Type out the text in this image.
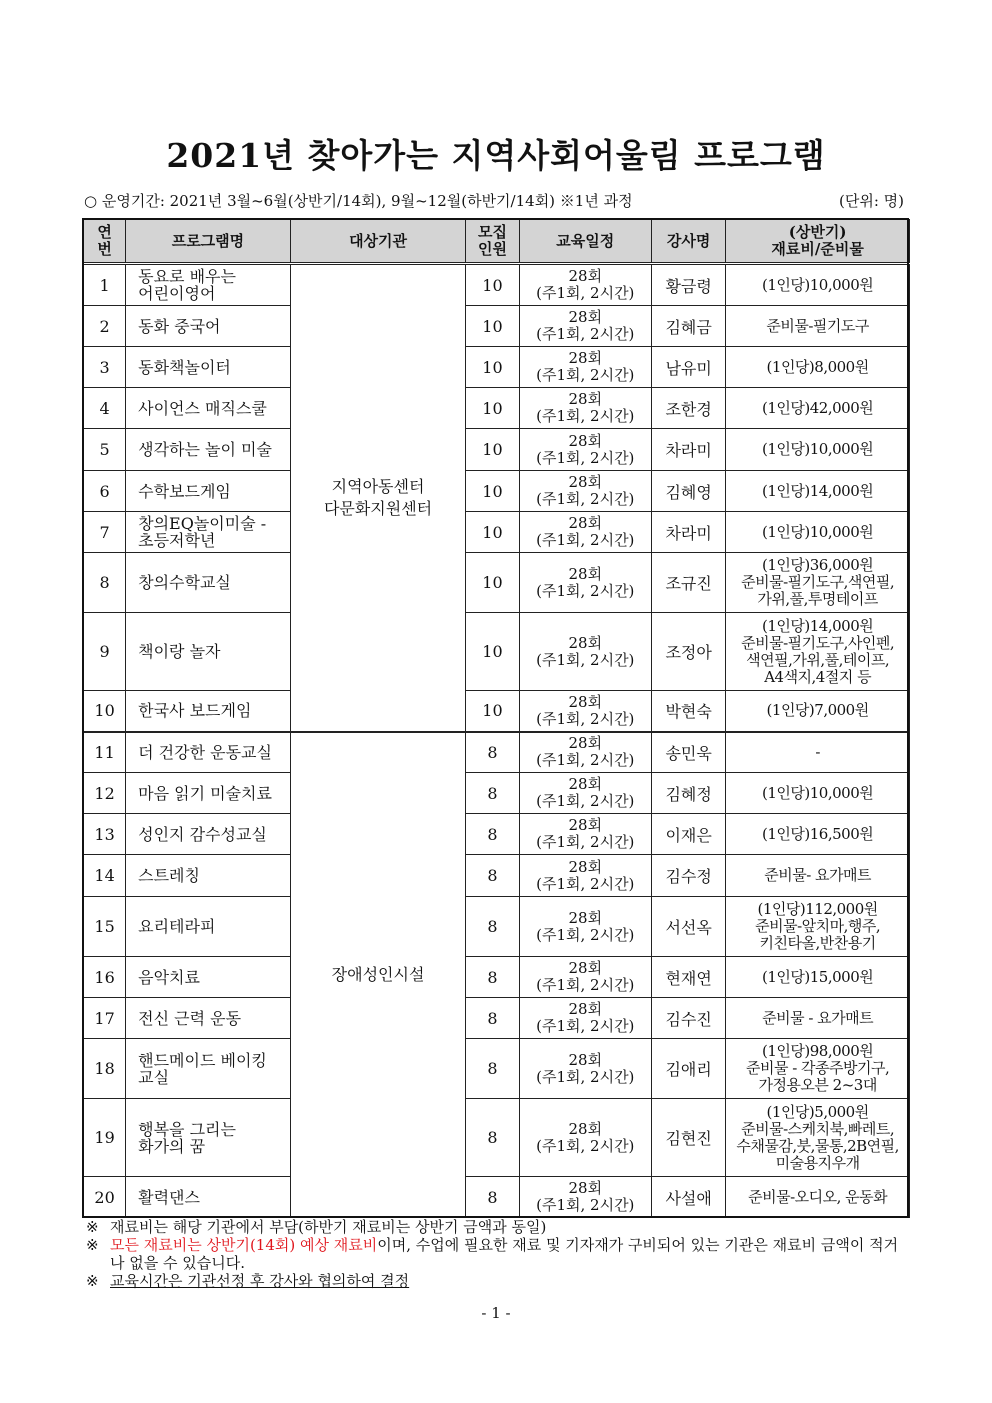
2021년 찾아가는 지역사회어울림 프로그램
○ 운영기간: 2021년 3월~6월(상반기/14회), 9월~12월(하반기/14회) ※1년 과정	(단위: 명)
연
번	프로그램명	대상기관	모집
인원	교육일정	강사명	(상반기)
재료비/준비물
1	동요로 배우는
어린이영어	지역아동센터
다문화지원센터	10	28회
(주1회, 2시간)	황금령	(1인당)10,000원
2	동화 중국어		10	28회
(주1회, 2시간)	김혜금	준비물-필기도구
3	동화책놀이터		10	28회
(주1회, 2시간)	남유미	(1인당)8,000원
4	사이언스 매직스쿨		10	28회
(주1회, 2시간)	조한경	(1인당)42,000원
5	생각하는 놀이 미술		10	28회
(주1회, 2시간)	차라미	(1인당)10,000원
6	수학보드게임		10	28회
(주1회, 2시간)	김혜영	(1인당)14,000원
7	창의EQ놀이미술 -
초등저학년		10	28회
(주1회, 2시간)	차라미	(1인당)10,000원
8	창의수학교실		10	28회
(주1회, 2시간)	조규진	(1인당)36,000원
준비물-필기도구,색연필,
가위,풀,투명테이프
9	책이랑 놀자		10	28회
(주1회, 2시간)	조정아	(1인당)14,000원
준비물-필기도구,사인펜,
색연필,가위,풀,테이프,
A4색지,4절지 등
10	한국사 보드게임		10	28회
(주1회, 2시간)	박현숙	(1인당)7,000원
11	더 건강한 운동교실	장애성인시설	8	28회
(주1회, 2시간)	송민욱	-
12	마음 읽기 미술치료		8	28회
(주1회, 2시간)	김혜정	(1인당)10,000원
13	성인지 감수성교실		8	28회
(주1회, 2시간)	이재은	(1인당)16,500원
14	스트레칭		8	28회
(주1회, 2시간)	김수정	준비물- 요가매트
15	요리테라피		8	28회
(주1회, 2시간)	서선옥	(1인당)112,000원
준비물-앞치마,행주,
키친타올,반찬용기
16	음악치료		8	28회
(주1회, 2시간)	현재연	(1인당)15,000원
17	전신 근력 운동		8	28회
(주1회, 2시간)	김수진	준비물 - 요가매트
18	핸드메이드 베이킹
교실		8	28회
(주1회, 2시간)	김애리	(1인당)98,000원
준비물 - 각종주방기구,
가정용오븐 2~3대
19	행복을 그리는
화가의 꿈		8	28회
(주1회, 2시간)	김현진	(1인당)5,000원
준비물-스케치북,빠레트,
수채물감,붓,물통,2B연필,
미술용지우개
20	활력댄스		8	28회
(주1회, 2시간)	사설애	준비물-오디오, 운동화
※ 재료비는 해당 기관에서 부담(하반기 재료비는 상반기 금액과 동일)
※ 모든 재료비는 상반기(14회) 예상 재료비이며, 수업에 필요한 재료 및 기자재가 구비되어 있는 기관은 재료비 금액이 적거나 없을 수 있습니다.
※ 교육시간은 기관선정 후 강사와 협의하여 결정
- 1 -
